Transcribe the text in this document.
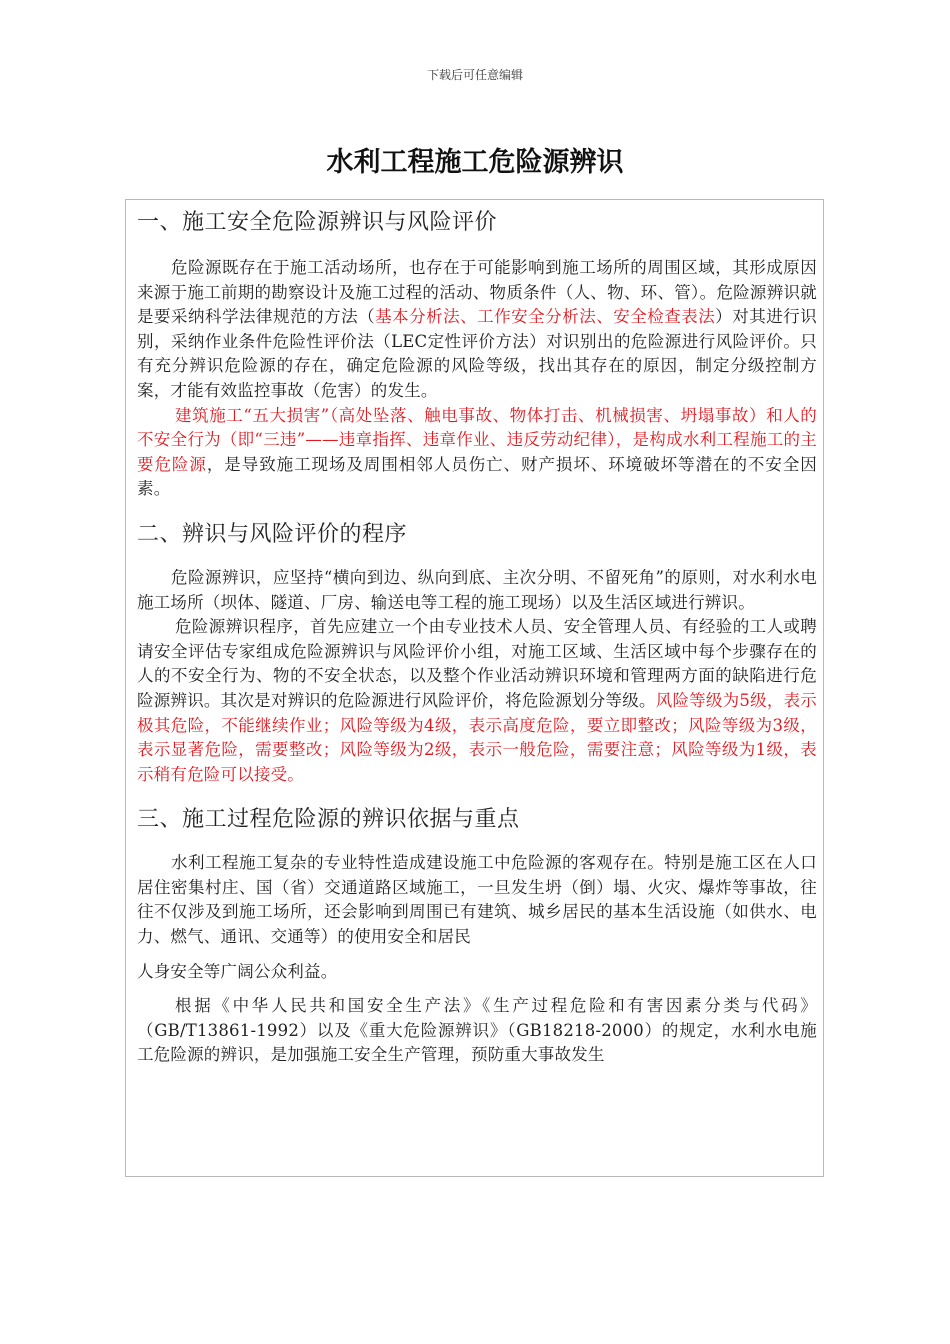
下载后可任意编辑
水利工程施工危险源辨识
一、施工安全危险源辨识与风险评价

危险源既存在于施工活动场所，也存在于可能影响到施工场所的周围区域，其形成原因来源于施工前期的勘察设计及施工过程的活动、物质条件（人、物、环、管）。危险源辨识就是要采纳科学法律规范的方法（基本分析法、工作安全分析法、安全检查表法）对其进行识别，采纳作业条件危险性评价法（LEC定性评价方法）对识别出的危险源进行风险评价。只有充分辨识危险源的存在，确定危险源的风险等级，找出其存在的原因，制定分级控制方案，才能有效监控事故（危害）的发生。

建筑施工“五大损害”（高处坠落、触电事故、物体打击、机械损害、坍塌事故）和人的不安全行为（即“三违”——违章指挥、违章作业、违反劳动纪律），是构成水利工程施工的主要危险源，是导致施工现场及周围相邻人员伤亡、财产损坏、环境破坏等潜在的不安全因素。

二、辨识与风险评价的程序

危险源辨识，应坚持“横向到边、纵向到底、主次分明、不留死角”的原则，对水利水电施工场所（坝体、隧道、厂房、输送电等工程的施工现场）以及生活区域进行辨识。

危险源辨识程序，首先应建立一个由专业技术人员、安全管理人员、有经验的工人或聘请安全评估专家组成危险源辨识与风险评价小组，对施工区域、生活区域中每个步骤存在的人的不安全行为、物的不安全状态，以及整个作业活动辨识环境和管理两方面的缺陷进行危险源辨识。其次是对辨识的危险源进行风险评价，将危险源划分等级。风险等级为5级，表示极其危险，不能继续作业；风险等级为4级，表示高度危险，要立即整改；风险等级为3级，表示显著危险，需要整改；风险等级为2级，表示一般危险，需要注意；风险等级为1级，表示稍有危险可以接受。

三、施工过程危险源的辨识依据与重点

水利工程施工复杂的专业特性造成建设施工中危险源的客观存在。特别是施工区在人口居住密集村庄、国（省）交通道路区域施工，一旦发生坍（倒）塌、火灾、爆炸等事故，往往不仅涉及到施工场所，还会影响到周围已有建筑、城乡居民的基本生活设施（如供水、电力、燃气、通讯、交通等）的使用安全和居民

人身安全等广阔公众利益。

根据《中华人民共和国安全生产法》《生产过程危险和有害因素分类与代码》（GB/T13861-1992）以及《重大危险源辨识》（GB18218-2000）的规定，水利水电施工危险源的辨识，是加强施工安全生产管理，预防重大事故发生
